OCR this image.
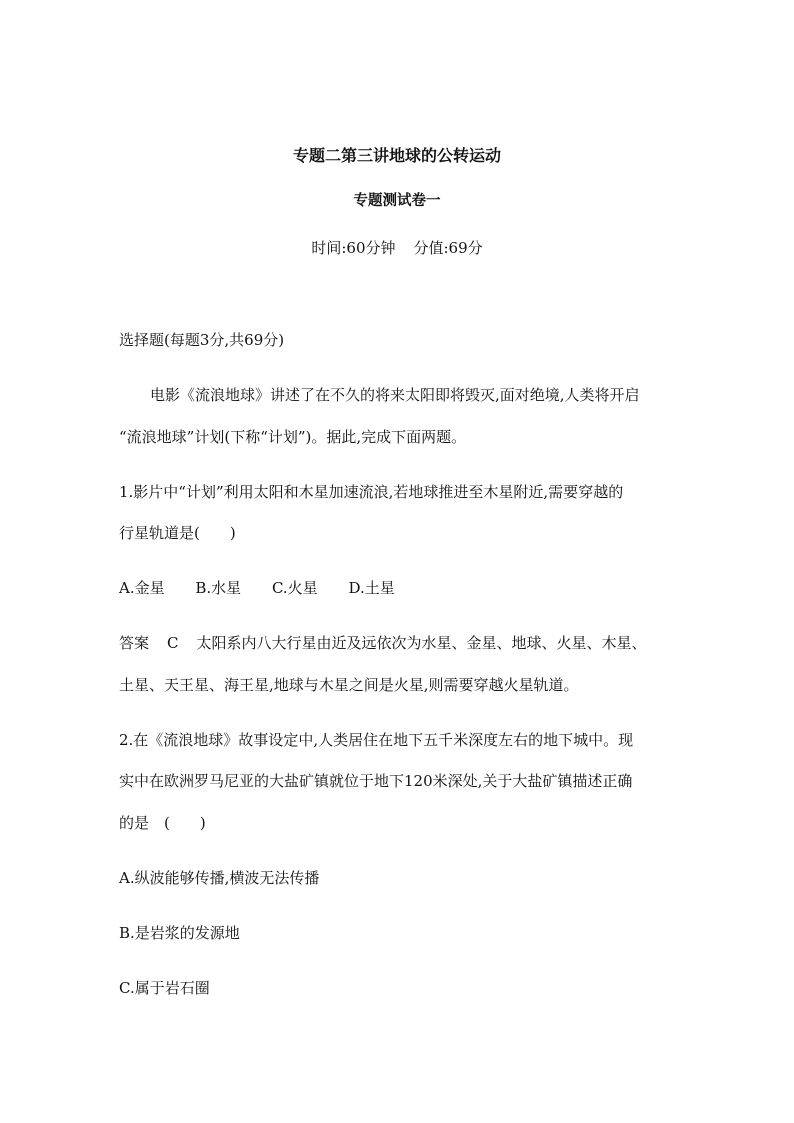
专题二第三讲地球的公转运动
专题测试卷一
时间:60分钟 分值:69分
选择题(每题3分,共69分)
电影《流浪地球》讲述了在不久的将来太阳即将毁灭,面对绝境,人类将开启
“流浪地球”计划(下称“计划”)。据此,完成下面两题。
1.影片中“计划”利用太阳和木星加速流浪,若地球推进至木星附近,需要穿越的
行星轨道是(　　)
A.金星 B.水星 C.火星 D.土星
答案 C 太阳系内八大行星由近及远依次为水星、金星、地球、火星、木星、
土星、天王星、海王星,地球与木星之间是火星,则需要穿越火星轨道。
2.在《流浪地球》故事设定中,人类居住在地下五千米深度左右的地下城中。现
实中在欧洲罗马尼亚的大盐矿镇就位于地下120米深处,关于大盐矿镇描述正确
的是　(　　)
A.纵波能够传播,横波无法传播
B.是岩浆的发源地
C.属于岩石圈
